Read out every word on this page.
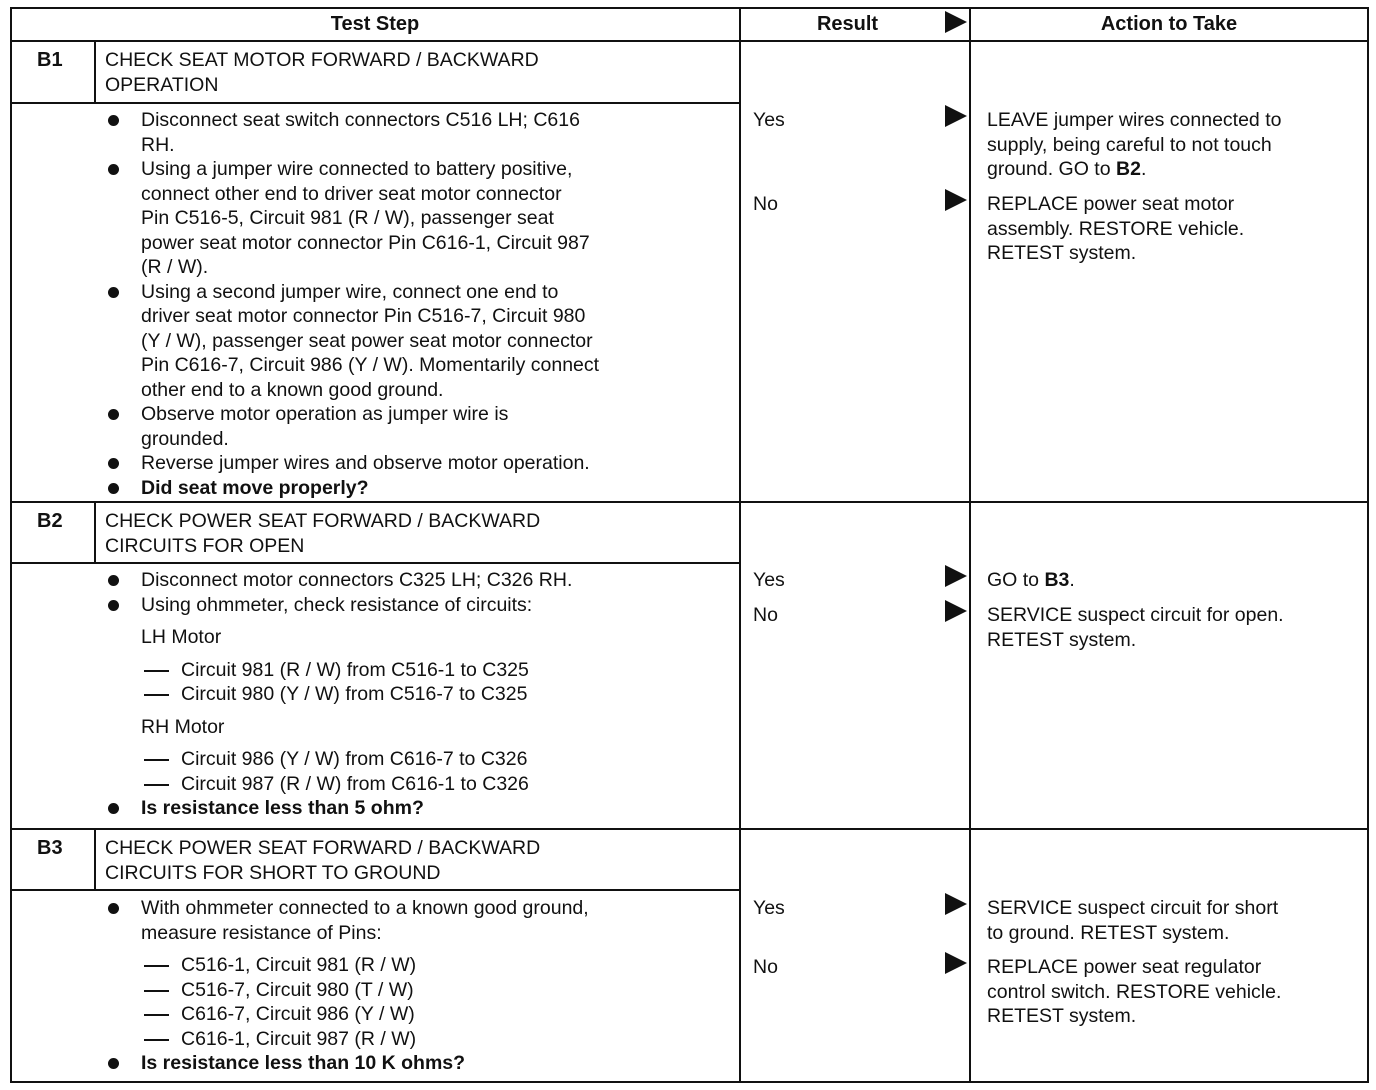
Test Step	Result	Action to Take
B1 CHECK SEAT MOTOR FORWARD / BACKWARD
OPERATION
Disconnect seat switch connectors C516 LH; C616
RH.
Using a jumper wire connected to battery positive,
connect other end to driver seat motor connector
Pin C516-5, Circuit 981 (R / W), passenger seat
power seat motor connector Pin C616-1, Circuit 987
(R / W).
Using a second jumper wire, connect one end to
driver seat motor connector Pin C516-7, Circuit 980
(Y / W), passenger seat power seat motor connector
Pin C616-7, Circuit 986 (Y / W). Momentarily connect
other end to a known good ground.
Observe motor operation as jumper wire is
grounded.
Reverse jumper wires and observe motor operation.
Did seat move properly?
Yes	LEAVE jumper wires connected to
supply, being careful to not touch
ground. GO to B2.
No	REPLACE power seat motor
assembly. RESTORE vehicle.
RETEST system.
B2 CHECK POWER SEAT FORWARD / BACKWARD
CIRCUITS FOR OPEN
Disconnect motor connectors C325 LH; C326 RH.
Using ohmmeter, check resistance of circuits:
LH Motor
Circuit 981 (R / W) from C516-1 to C325
Circuit 980 (Y / W) from C516-7 to C325
RH Motor
Circuit 986 (Y / W) from C616-7 to C326
Circuit 987 (R / W) from C616-1 to C326
Is resistance less than 5 ohm?
Yes	GO to B3.
No	SERVICE suspect circuit for open.
RETEST system.
B3 CHECK POWER SEAT FORWARD / BACKWARD
CIRCUITS FOR SHORT TO GROUND
With ohmmeter connected to a known good ground,
measure resistance of Pins:
C516-1, Circuit 981 (R / W)
C516-7, Circuit 980 (T / W)
C616-7, Circuit 986 (Y / W)
C616-1, Circuit 987 (R / W)
Is resistance less than 10 K ohms?
Yes	SERVICE suspect circuit for short
to ground. RETEST system.
No	REPLACE power seat regulator
control switch. RESTORE vehicle.
RETEST system.
